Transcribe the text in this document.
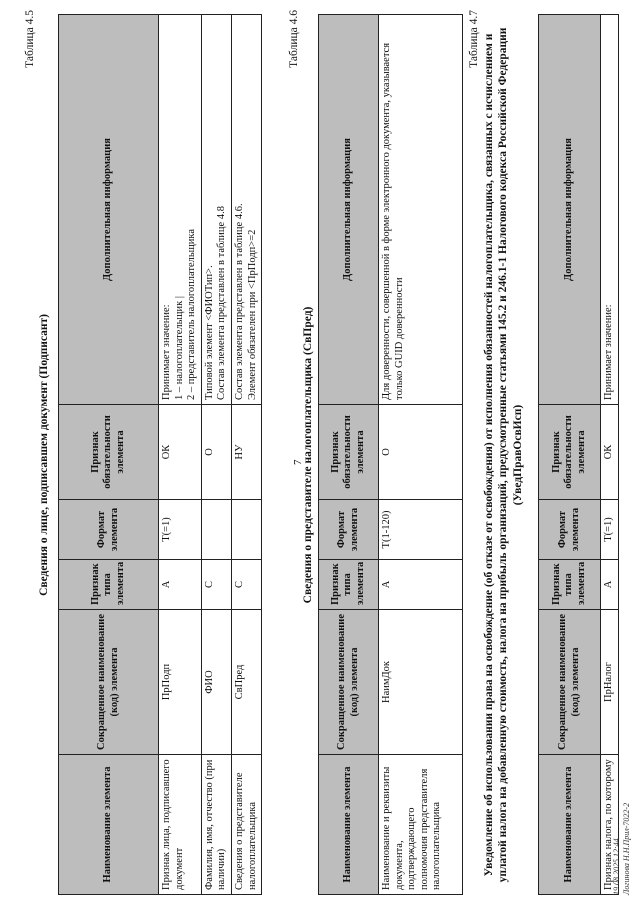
Таблица 4.5
Сведения о лице, подписавшем документ (Подписант)
Наименование элемента	Сокращенное наименование (код) элемента	Признак типа элемента	Формат элемента	Признак обязательности элемента	Дополнительная информация
Признак лица, подписавшего документ	ПрПодп	А	T(=1)	ОК	Принимает значение: 1 – налогоплательщик | 2 – представитель налогоплательщика

Фамилия, имя, отчество (при наличии)	ФИО	С		О	Типовой элемент <ФИОТип>. Состав элемента представлен в таблице 4.8

Сведения о представителе налогоплательщика	СвПред	С		НУ	Состав элемента представлен в таблице 4.6. Элемент обязателен при <ПрПодп>=2
7
Таблица 4.6
Сведения о представителе налогоплательщика (СвПред)
Наименование элемента	Сокращенное наименование (код) элемента	Признак типа элемента	Формат элемента	Признак обязательности элемента	Дополнительная информация
Наименование и реквизиты документа, подтверждающего полномочия представителя налогоплательщика	НаимДок	А	T(1-120)	О	Для доверенности, совершенной в форме электронного документа, указывается только GUID доверенности
Таблица 4.7 Уведомление об использовании права на освобождение (об отказе от освобождения) от исполнения обязанностей налогоплательщика, связанных с исчислением и уплатой налога на добавленную стоимость, налога на прибыль организаций, предусмотренные статьями 145.2 и 246.1-1 Налогового кодекса Российской Федерации (УведПравОсвИсп)
Наименование элемента	Сокращенное наименование (код) элемента	Признак типа элемента	Формат элемента	Признак обязательности элемента	Дополнительная информация
Признак налога, по которому	ПрНалог	А	T(=1)	ОК	Принимает значение:
19.08.2025 12:44 Логинова Н.Н.Прил-7022-2
